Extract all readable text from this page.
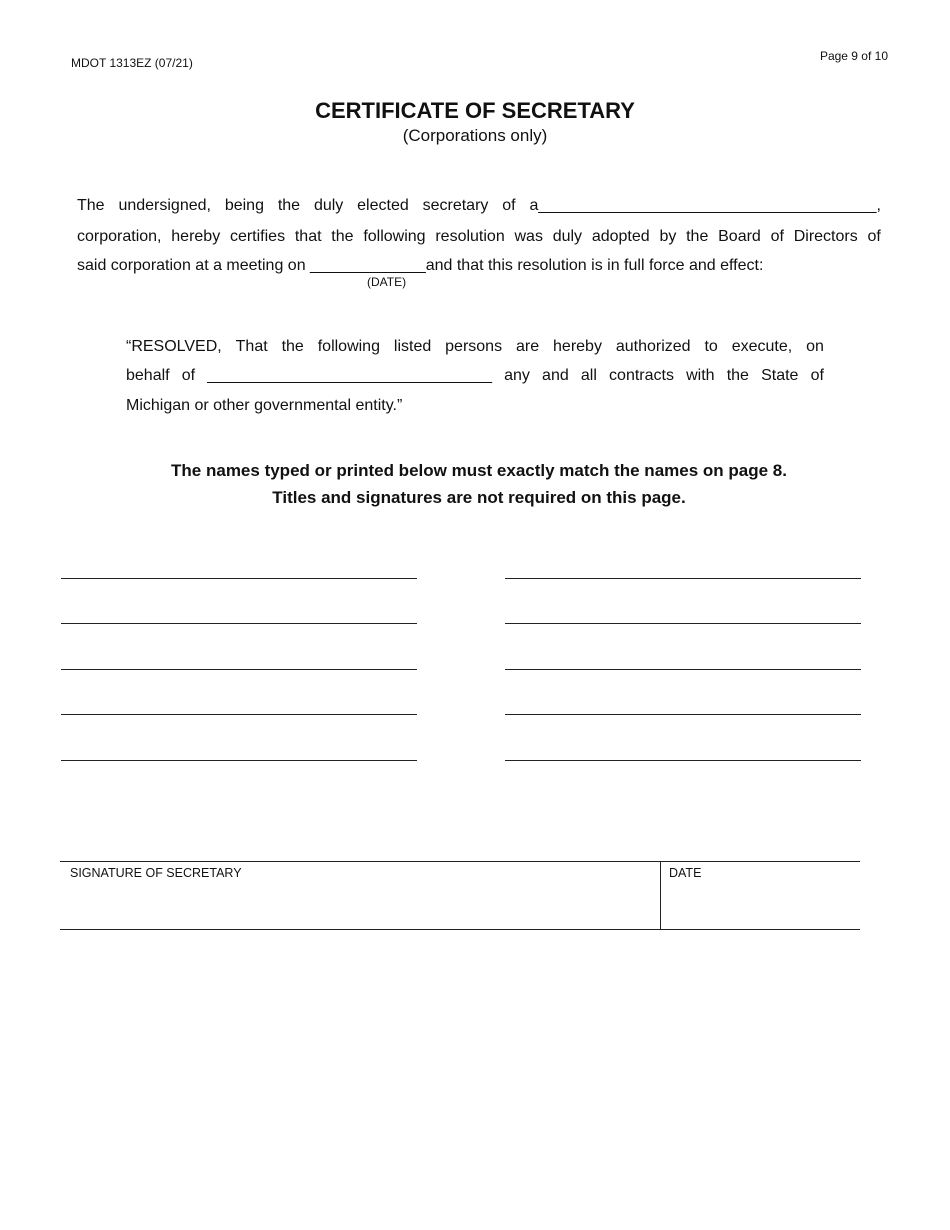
MDOT 1313EZ (07/21)	Page 9 of 10
CERTIFICATE OF SECRETARY
(Corporations only)
The undersigned, being the duly elected secretary of a______________________________________,
corporation, hereby certifies that the following resolution was duly adopted by the Board of Directors of
said corporation at a meeting on _____________and that this resolution is in full force and effect:
(DATE)
“RESOLVED, That the following listed persons are hereby authorized to execute, on
behalf of ________________________________ any and all contracts with the State of
Michigan or other governmental entity.”
The names typed or printed below must exactly match the names on page 8.
Titles and signatures are not required on this page.
SIGNATURE OF SECRETARY	DATE
